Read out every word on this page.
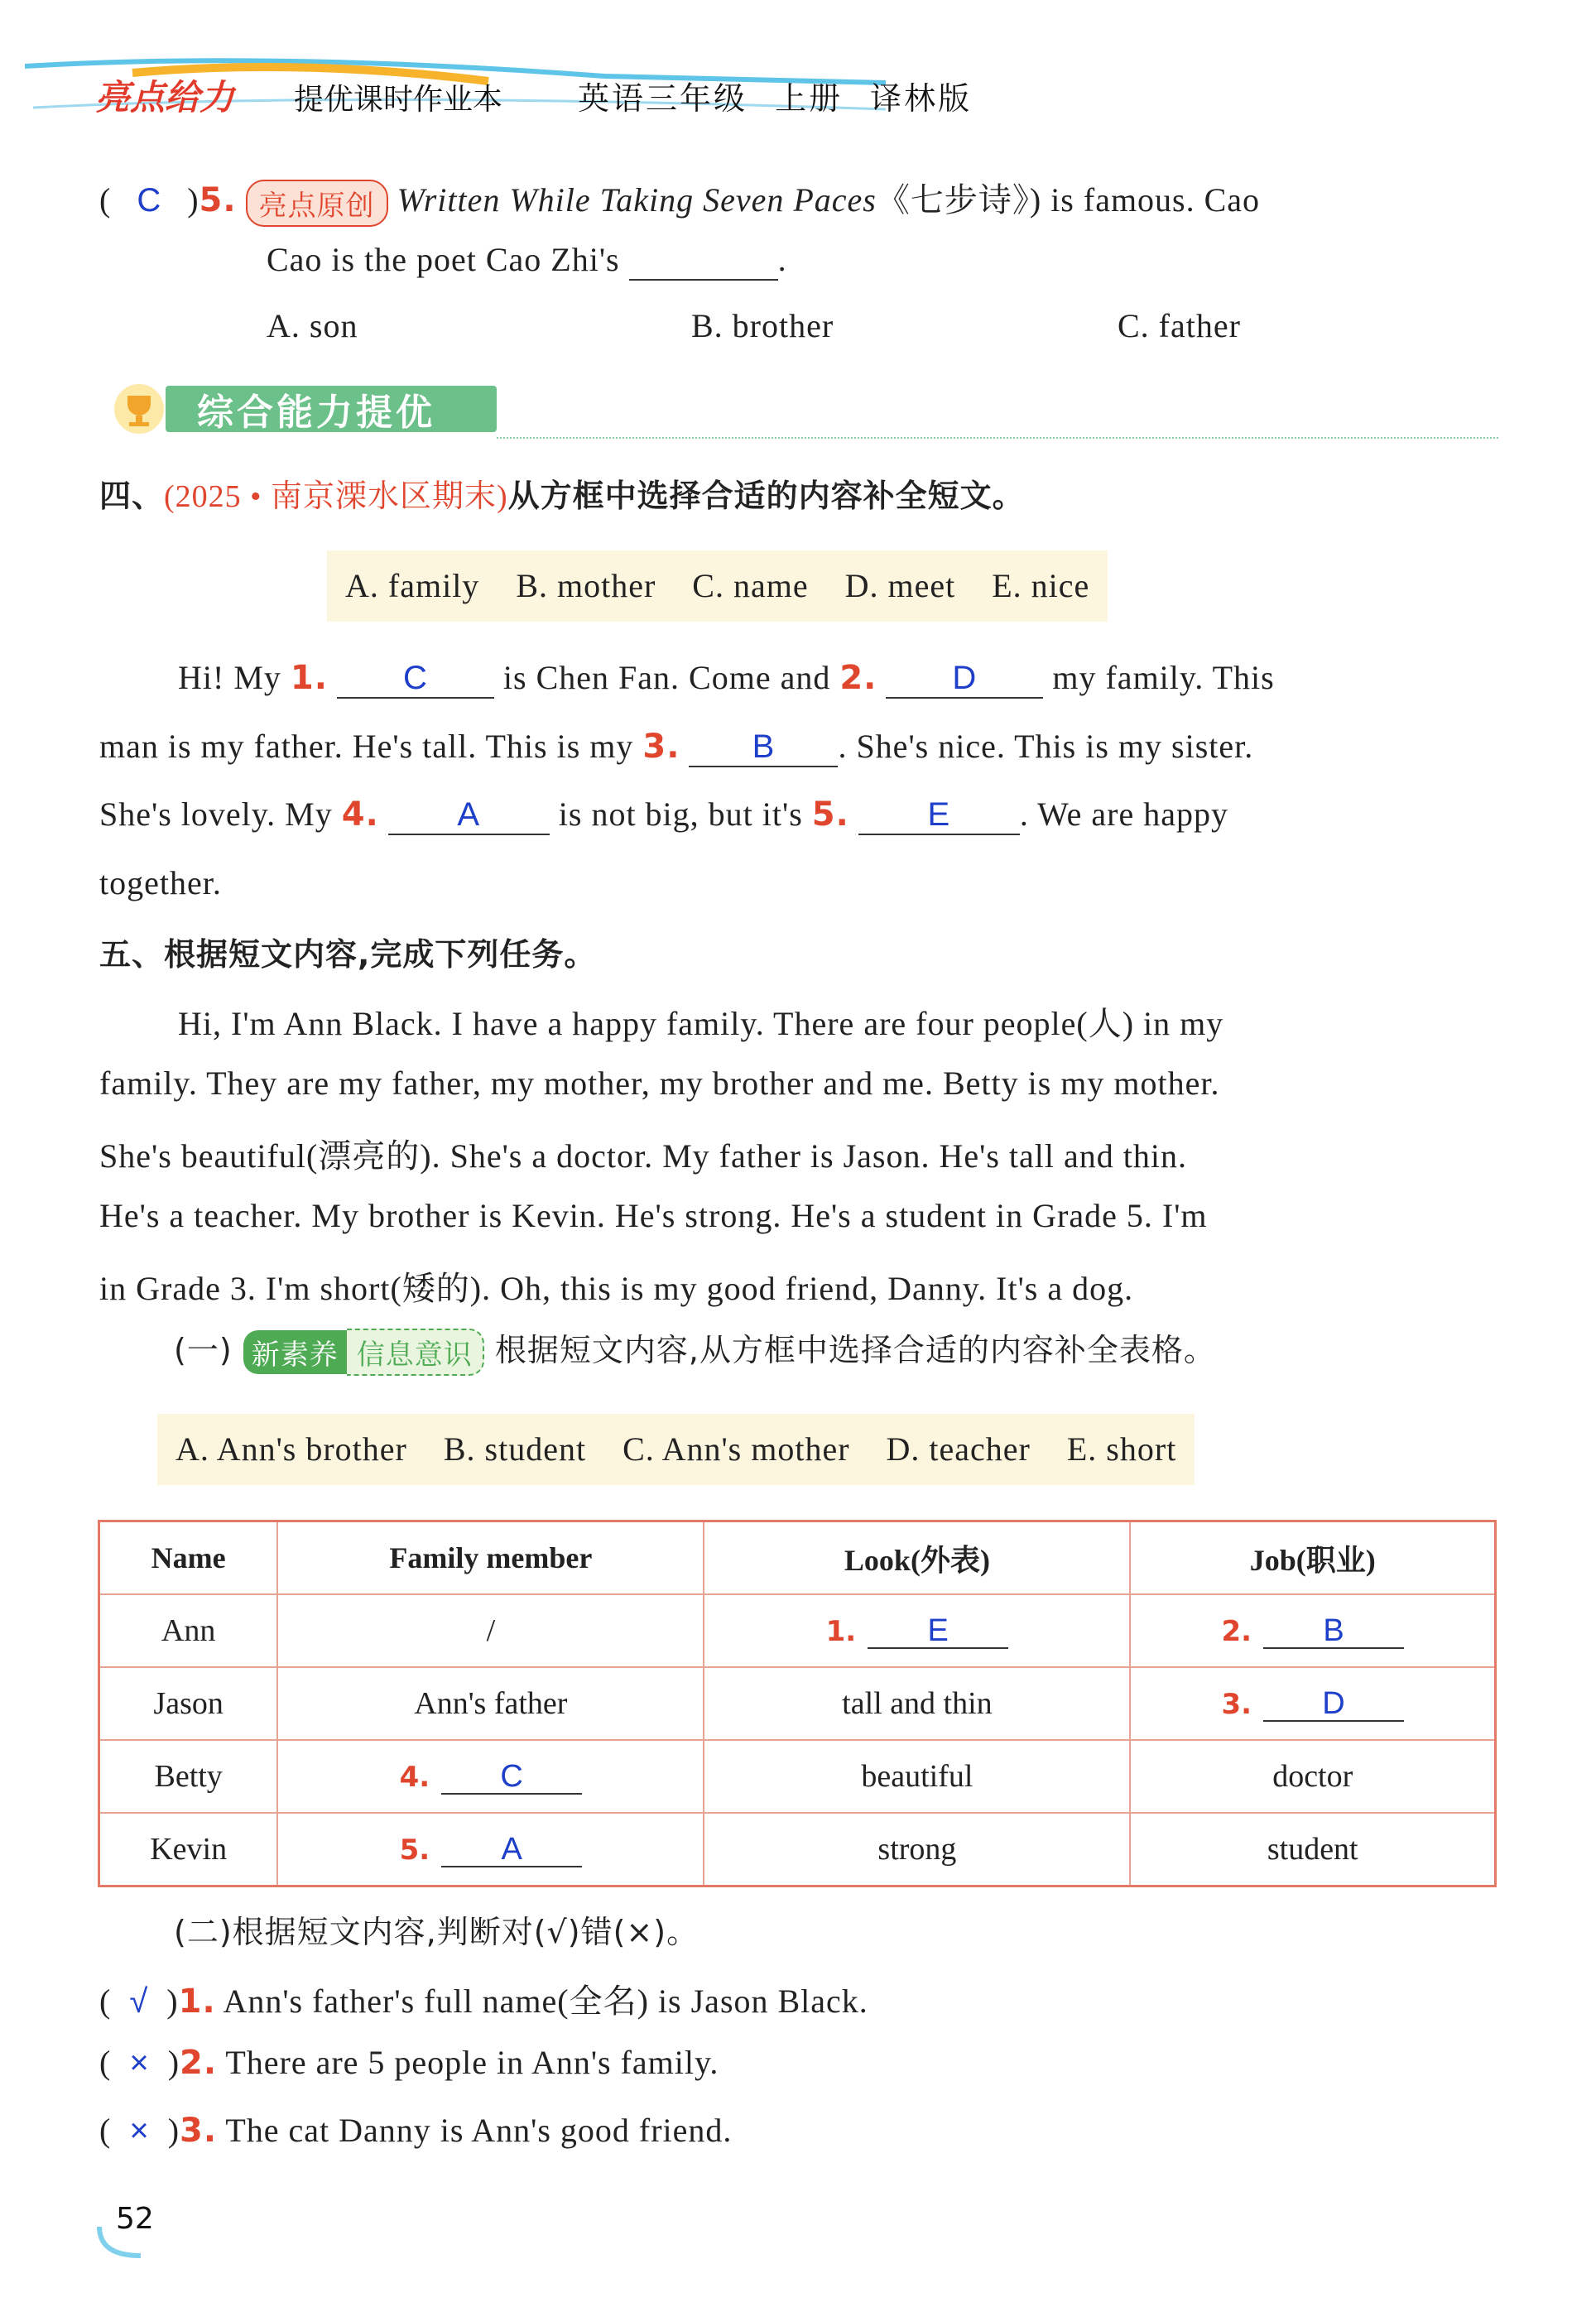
亮点给力 提优课时作业本 英语三年级 上册 译林版
( C )5. 亮点原创 Written While Taking Seven Paces《七步诗》) is famous. Cao
Cao is the poet Cao Zhi's	.
A. son	B. brother	C. father
综合能力提优
四、(2025 • 南京溧水区期末)从方框中选择合适的内容补全短文。
A. family B. mother C. name D. meet E. nice
Hi! My 1. C is Chen Fan. Come and 2. D my family. This
man is my father. He's tall. This is my 3. B . She's nice. This is my sister.
She's lovely. My 4. A is not big, but it's 5. E . We are happy
together.
五、根据短文内容,完成下列任务。
Hi, I'm Ann Black. I have a happy family. There are four people(人) in my
family. They are my father, my mother, my brother and me. Betty is my mother.
She's beautiful(漂亮的). She's a doctor. My father is Jason. He's tall and thin.
He's a teacher. My brother is Kevin. He's strong. He's a student in Grade 5. I'm
in Grade 3. I'm short(矮的). Oh, this is my good friend, Danny. It's a dog.
(一) 新素养 信息意识 根据短文内容,从方框中选择合适的内容补全表格。
A. Ann's brother B. student C. Ann's mother D. teacher E. short
Name	Family member	Look(外表)	Job(职业)
Ann	/	1. E	2. B
Jason	Ann's father	tall and thin	3. D
Betty	4. C	beautiful	doctor
Kevin	5. A	strong	student
(二)根据短文内容,判断对(√)错(×)。
( √ )1. Ann's father's full name(全名) is Jason Black.
( × )2. There are 5 people in Ann's family.
( × )3. The cat Danny is Ann's good friend.
52
